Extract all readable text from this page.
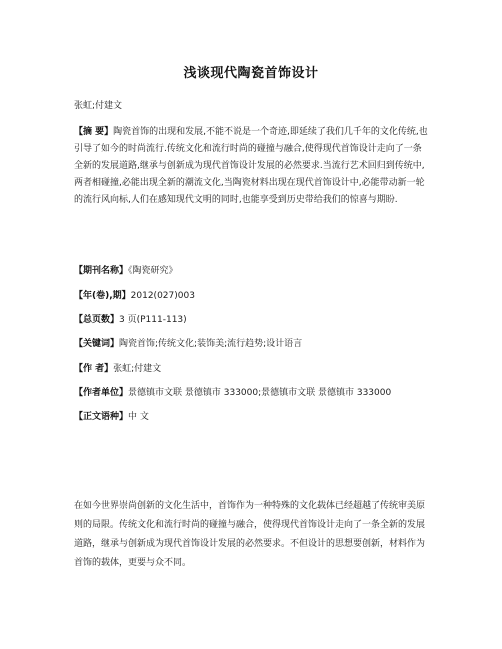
浅谈现代陶瓷首饰设计
张虹;付建文
【摘 要】陶瓷首饰的出现和发展,不能不说是一个奇迹,即延续了我们几千年的文化传统,也引导了如今的时尚流行.传统文化和流行时尚的碰撞与融合,使得现代首饰设计走向了一条全新的发展道路,继承与创新成为现代首饰设计发展的必然要求.当流行艺术回归到传统中,两者相碰撞,必能出现全新的潮流文化,当陶瓷材料出现在现代首饰设计中,必能带动新一轮的流行风向标,人们在感知现代文明的同时,也能享受到历史带给我们的惊喜与期盼.
【期刊名称】《陶瓷研究》
【年(卷),期】2012(027)003
【总页数】3 页(P111-113)
【关键词】陶瓷首饰;传统文化;装饰美;流行趋势;设计语言
【作 者】张虹;付建文
【作者单位】景德镇市文联 景德镇市 333000;景德镇市文联 景德镇市 333000
【正文语种】中 文

在如今世界崇尚创新的文化生活中，首饰作为一种特殊的文化载体已经超越了传统审美原则的局限。传统文化和流行时尚的碰撞与融合，使得现代首饰设计走向了一条全新的发展道路，继承与创新成为现代首饰设计发展的必然要求。不但设计的思想要创新，材料作为首饰的载体，更要与众不同。
